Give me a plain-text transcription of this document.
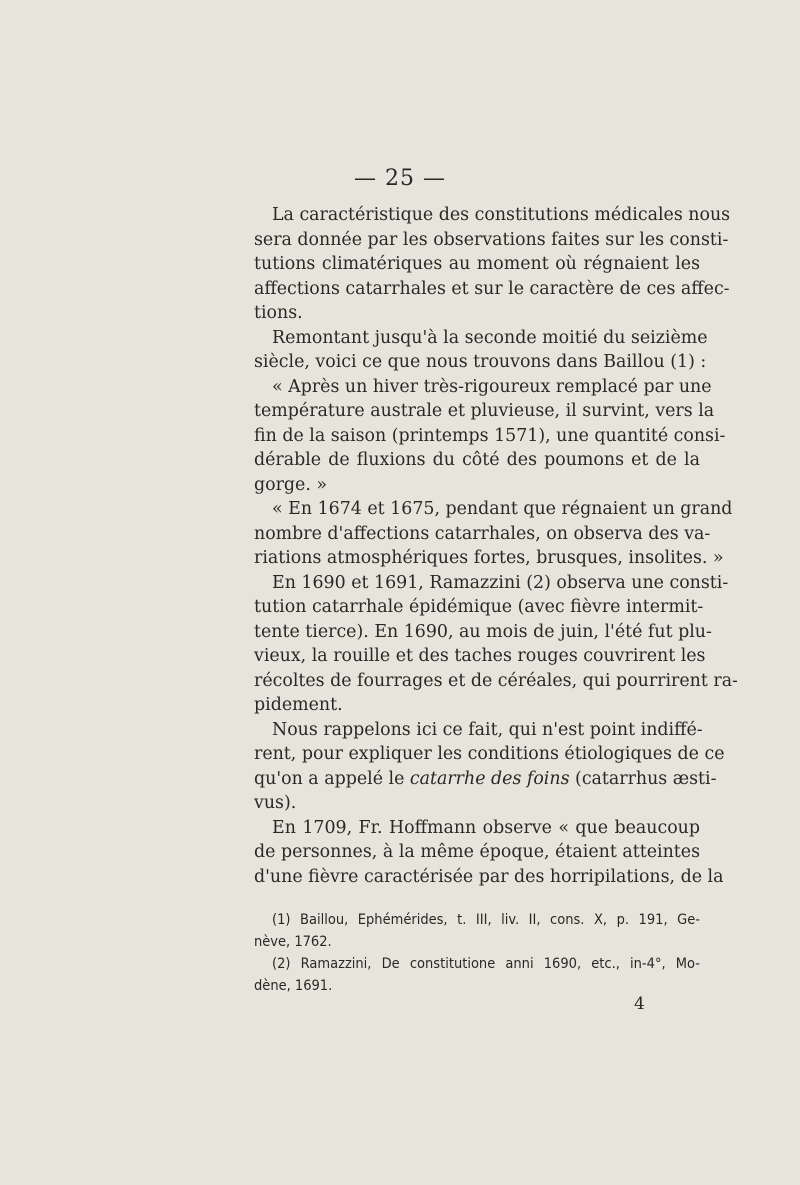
— 25 —
La caractéristique des constitutions médicales nous
sera donnée par les observations faites sur les consti-
tutions climatériques au moment où régnaient les
affections catarrhales et sur le caractère de ces affec-
tions.
Remontant jusqu'à la seconde moitié du seizième
siècle, voici ce que nous trouvons dans Baillou (1) :
« Après un hiver très-rigoureux remplacé par une
température australe et pluvieuse, il survint, vers la
fin de la saison (printemps 1571), une quantité consi-
dérable de fluxions du côté des poumons et de la
gorge. »
« En 1674 et 1675, pendant que régnaient un grand
nombre d'affections catarrhales, on observa des va-
riations atmosphériques fortes, brusques, insolites. »
En 1690 et 1691, Ramazzini (2) observa une consti-
tution catarrhale épidémique (avec fièvre intermit-
tente tierce). En 1690, au mois de juin, l'été fut plu-
vieux, la rouille et des taches rouges couvrirent les
récoltes de fourrages et de céréales, qui pourrirent ra-
pidement.
Nous rappelons ici ce fait, qui n'est point indiffé-
rent, pour expliquer les conditions étiologiques de ce
qu'on a appelé le catarrhe des foins (catarrhus æsti-
vus).
En 1709, Fr. Hoffmann observe « que beaucoup
de personnes, à la même époque, étaient atteintes
d'une fièvre caractérisée par des horripilations, de la
(1) Baillou, Ephémérides, t. III, liv. II, cons. X, p. 191, Ge-
nève, 1762.
(2) Ramazzini, De constitutione anni 1690, etc., in-4°, Mo-
dène, 1691.
4
